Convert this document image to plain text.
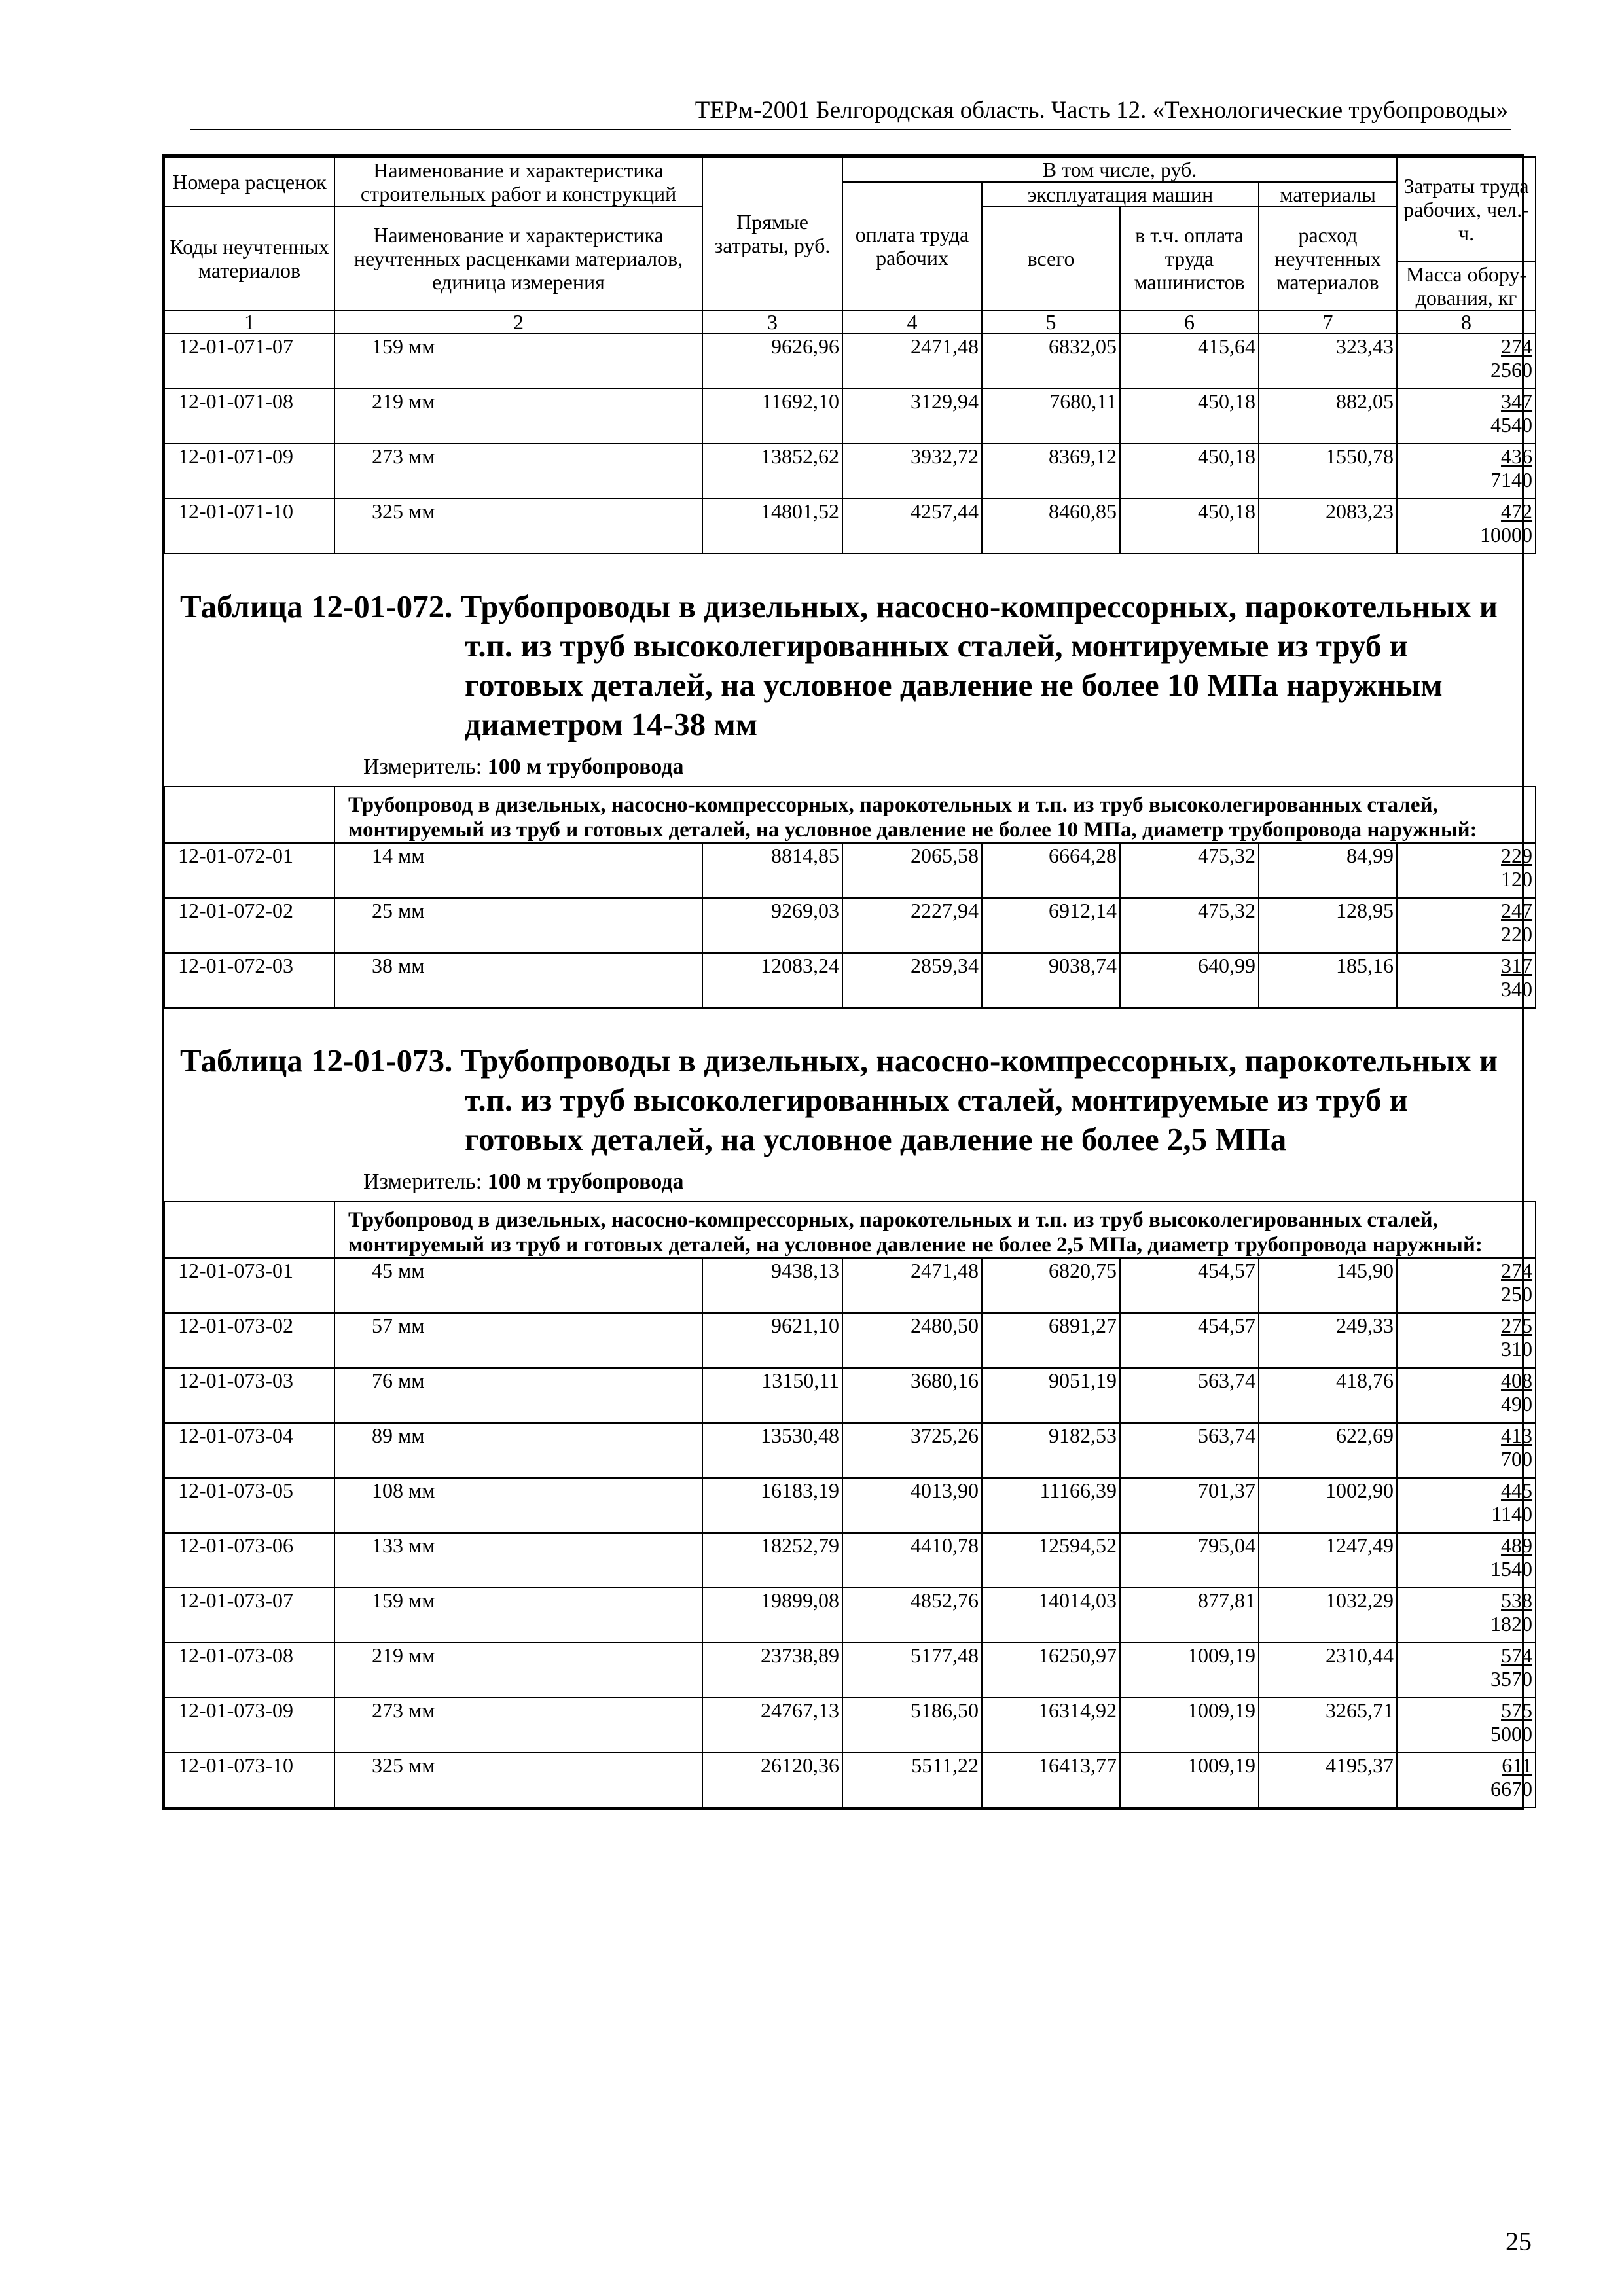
ТЕРм-2001 Белгородская область. Часть 12. «Технологические трубопроводы»
Номера расценок	Наименование и характеристика строительных работ и конструкций	Прямые затраты, руб.	В том числе, руб.				Затраты труда рабочих, чел.-ч.
			оплата труда рабочих	эксплуатация машин		материалы	
Коды неучтенных материалов	Наименование и характеристика неучтенных расценками материалов, единица измерения			всего	в т.ч. оплата труда машинистов	расход неучтенных материалов	

							Масса обору-дования, кг
1	2	3	4	5	6	7	8
12-01-071-07	159 мм	9626,96	2471,48	6832,05	415,64	323,43	274
2560

12-01-071-08	219 мм	11692,10	3129,94	7680,11	450,18	882,05	347
4540

12-01-071-09	273 мм	13852,62	3932,72	8369,12	450,18	1550,78	436
7140

12-01-071-10	325 мм	14801,52	4257,44	8460,85	450,18	2083,23	472
10000

Таблица 12-01-072. Трубопроводы в дизельных, насосно-компрессорных, парокотельных и т.п. из труб высоколегированных сталей, монтируемые из труб и готовых деталей, на условное давление не более 10 МПа наружным диаметром 14-38 мм
Измеритель: 100 м трубопровода							

	Трубопровод в дизельных, насосно-компрессорных, парокотельных и т.п. из труб высоколегированных сталей, монтируемый из труб и готовых деталей, на условное давление не более 10 МПа, диаметр трубопровода наружный:						
12-01-072-01	14 мм	8814,85	2065,58	6664,28	475,32	84,99	229
120

12-01-072-02	25 мм	9269,03	2227,94	6912,14	475,32	128,95	247
220

12-01-072-03	38 мм	12083,24	2859,34	9038,74	640,99	185,16	317
340

Таблица 12-01-073. Трубопроводы в дизельных, насосно-компрессорных, парокотельных и т.п. из труб высоколегированных сталей, монтируемые из труб и готовых деталей, на условное давление не более 2,5 МПа
Измеритель: 100 м трубопровода							

	Трубопровод в дизельных, насосно-компрессорных, парокотельных и т.п. из труб высоколегированных сталей, монтируемый из труб и готовых деталей, на условное давление не более 2,5 МПа, диаметр трубопровода наружный:						
12-01-073-01	45 мм	9438,13	2471,48	6820,75	454,57	145,90	274
250

12-01-073-02	57 мм	9621,10	2480,50	6891,27	454,57	249,33	275
310

12-01-073-03	76 мм	13150,11	3680,16	9051,19	563,74	418,76	408
490

12-01-073-04	89 мм	13530,48	3725,26	9182,53	563,74	622,69	413
700

12-01-073-05	108 мм	16183,19	4013,90	11166,39	701,37	1002,90	445
1140

12-01-073-06	133 мм	18252,79	4410,78	12594,52	795,04	1247,49	489
1540

12-01-073-07	159 мм	19899,08	4852,76	14014,03	877,81	1032,29	538
1820

12-01-073-08	219 мм	23738,89	5177,48	16250,97	1009,19	2310,44	574
3570

12-01-073-09	273 мм	24767,13	5186,50	16314,92	1009,19	3265,71	575
5000

12-01-073-10	325 мм	26120,36	5511,22	16413,77	1009,19	4195,37	611
6670
25
